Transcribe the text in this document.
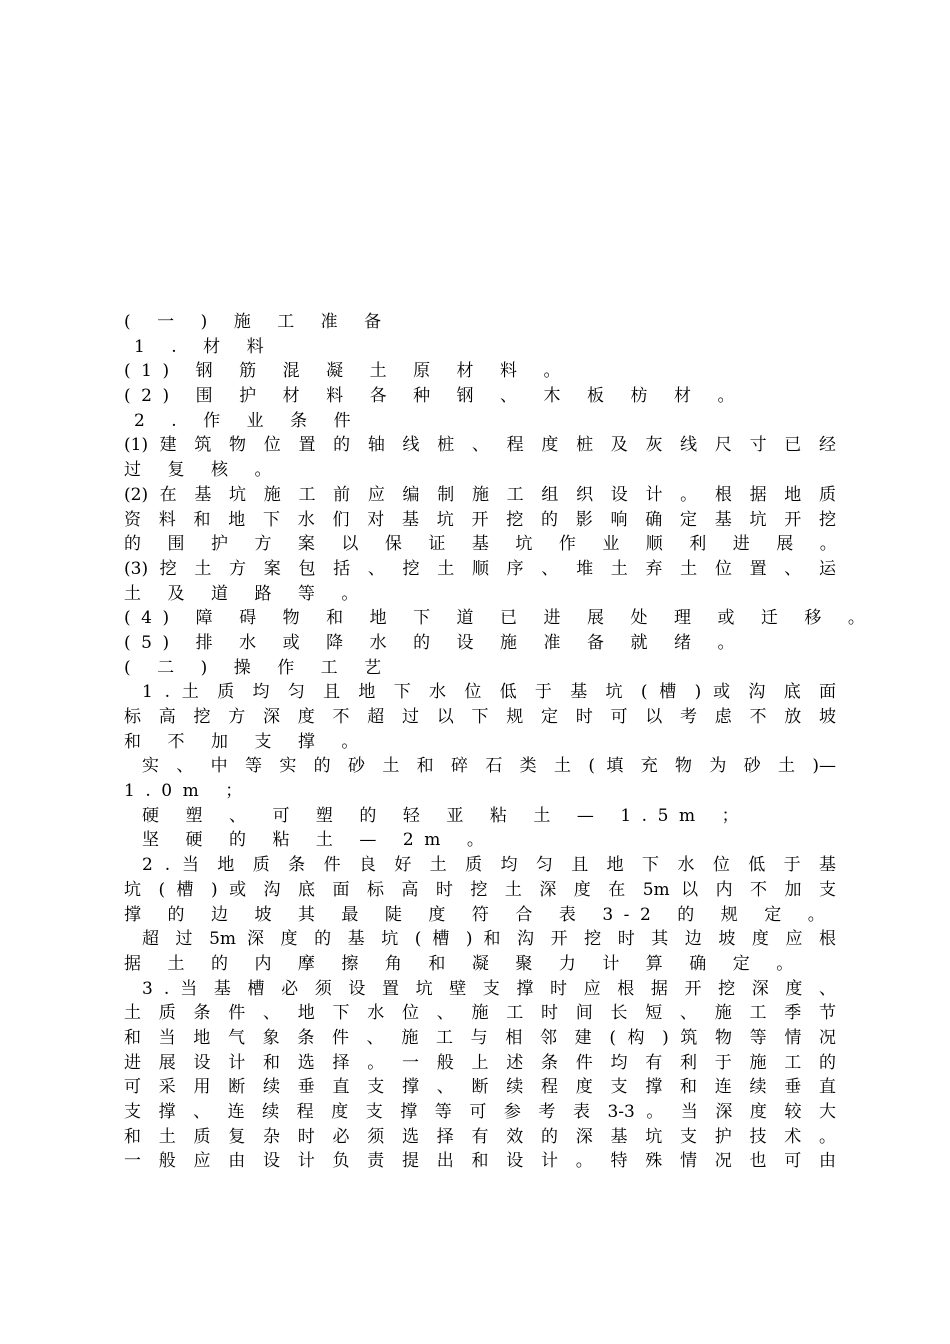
( 一 ) 施 工 准 备
1 . 材 料
(1) 钢 筋 混 凝 土 原 材 料 。
(2) 围 护 材 料 各 种 钢 、 木 板 枋 材 。
2 . 作 业 条 件
(1) 建 筑 物 位 置 的 轴 线 桩 、 程 度 桩 及 灰 线 尺 寸 已 经
过 复 核 。
(2) 在 基 坑 施 工 前 应 编 制 施 工 组 织 设 计 。 根 据 地 质
资 料 和 地 下 水 们 对 基 坑 开 挖 的 影 响 确 定 基 坑 开 挖
的 围 护 方 案 以 保 证 基 坑 作 业 顺 利 进 展 。
(3) 挖 土 方 案 包 括 、 挖 土 顺 序 、 堆 土 弃 土 位 置 、 运
土 及 道 路 等 。
(4) 障 碍 物 和 地 下 道 已 进 展 处 理 或 迁 移 。
(5) 排 水 或 降 水 的 设 施 准 备 就 绪 。
( 二 ) 操 作 工 艺
1 . 土 质 均 匀 且 地 下 水 位 低 于 基 坑 ( 槽 ) 或 沟 底 面
标 高 挖 方 深 度 不 超 过 以 下 规 定 时 可 以 考 虑 不 放 坡
和 不 加 支 撑 。
实 、 中 等 实 的 砂 土 和 碎 石 类 土 ( 填 充 物 为 砂 土 )—
1.0m ；
硬 塑 、 可 塑 的 轻 亚 粘 土 — 1.5m ；
坚 硬 的 粘 土 — 2m 。
2 . 当 地 质 条 件 良 好 土 质 均 匀 且 地 下 水 位 低 于 基
坑 ( 槽 ) 或 沟 底 面 标 高 时 挖 土 深 度 在 5m 以 内 不 加 支
撑 的 边 坡 其 最 陡 度 符 合 表 3-2 的 规 定 。
超 过 5m 深 度 的 基 坑 ( 槽 ) 和 沟 开 挖 时 其 边 坡 度 应 根
据 土 的 内 摩 擦 角 和 凝 聚 力 计 算 确 定 。
3 . 当 基 槽 必 须 设 置 坑 壁 支 撑 时 应 根 据 开 挖 深 度 、
土 质 条 件 、 地 下 水 位 、 施 工 时 间 长 短 、 施 工 季 节
和 当 地 气 象 条 件 、 施 工 与 相 邻 建 ( 构 ) 筑 物 等 情 况
进 展 设 计 和 选 择 。 一 般 上 述 条 件 均 有 利 于 施 工 的
可 采 用 断 续 垂 直 支 撑 、 断 续 程 度 支 撑 和 连 续 垂 直
支 撑 、 连 续 程 度 支 撑 等 可 参 考 表 3-3 。 当 深 度 较 大
和 土 质 复 杂 时 必 须 选 择 有 效 的 深 基 坑 支 护 技 术 。
一 般 应 由 设 计 负 责 提 出 和 设 计 。 特 殊 情 况 也 可 由
